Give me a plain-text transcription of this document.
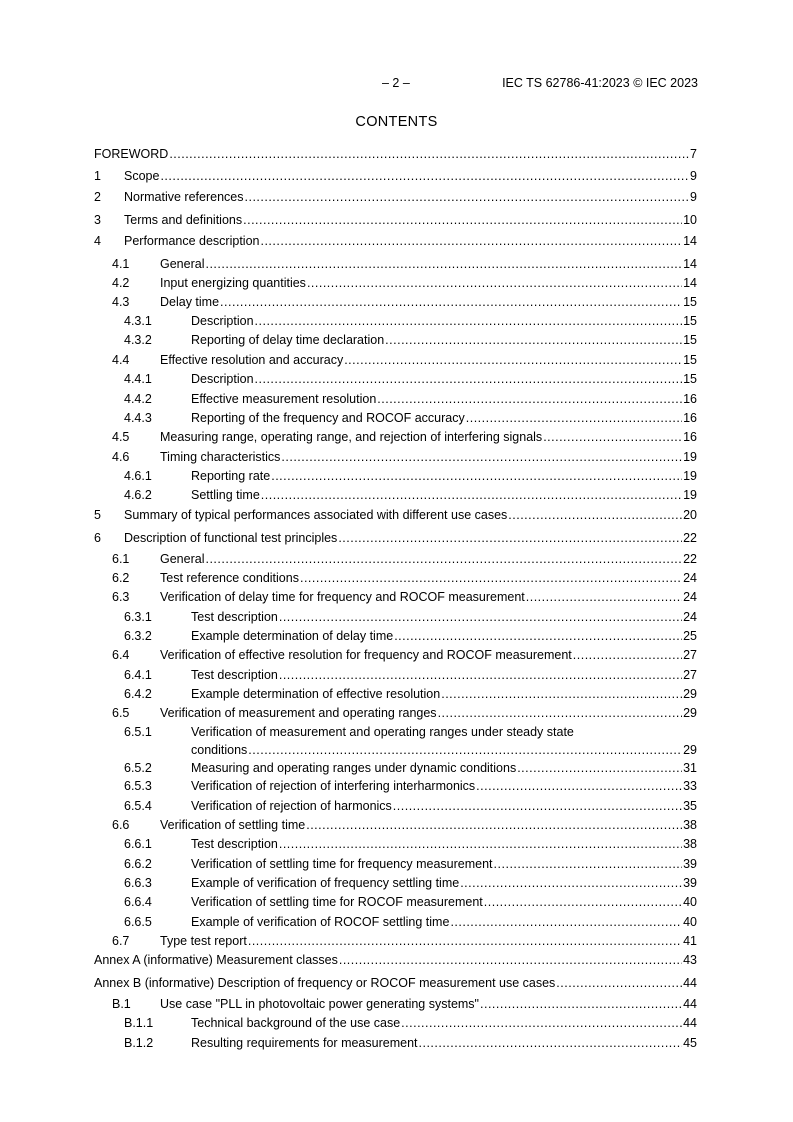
– 2 –	IEC TS 62786-41:2023 © IEC 2023
CONTENTS
FOREWORD .....	7
1 Scope .....	9
2 Normative references .....	9
3 Terms and definitions .....	10
4 Performance description .....	14
4.1 General .....	14
4.2 Input energizing quantities .....	14
4.3 Delay time .....	15
4.3.1	Description .....	15
4.3.2	Reporting of delay time declaration .....	15
4.4 Effective resolution and accuracy .....	15
4.4.1	Description .....	15
4.4.2	Effective measurement resolution .....	16
4.4.3	Reporting of the frequency and ROCOF accuracy .....	16
4.5 Measuring range, operating range, and rejection of interfering signals .....	16
4.6 Timing characteristics .....	19
4.6.1	Reporting rate .....	19
4.6.2	Settling time .....	19
5 Summary of typical performances associated with different use cases .....	20
6 Description of functional test principles .....	22
6.1 General .....	22
6.2 Test reference conditions .....	24
6.3 Verification of delay time for frequency and ROCOF measurement .....	24
6.3.1	Test description .....	24
6.3.2	Example determination of delay time .....	25
6.4 Verification of effective resolution for frequency and ROCOF measurement .....	27
6.4.1	Test description .....	27
6.4.2	Example determination of effective resolution .....	29
6.5 Verification of measurement and operating ranges .....	29
6.5.1	Verification of measurement and operating ranges under steady state
conditions .....	29
6.5.2	Measuring and operating ranges under dynamic conditions .....	31
6.5.3	Verification of rejection of interfering interharmonics .....	33
6.5.4	Verification of rejection of harmonics .....	35
6.6 Verification of settling time .....	38
6.6.1	Test description .....	38
6.6.2	Verification of settling time for frequency measurement .....	39
6.6.3	Example of verification of frequency settling time .....	39
6.6.4	Verification of settling time for ROCOF measurement .....	40
6.6.5	Example of verification of ROCOF settling time .....	40
6.7 Type test report .....	41
Annex A (informative) Measurement classes .....	43
Annex B (informative) Description of frequency or ROCOF measurement use cases .....	44
B.1 Use case "PLL in photovoltaic power generating systems" .....	44
B.1.1	Technical background of the use case .....	44
B.1.2	Resulting requirements for measurement .....	45
